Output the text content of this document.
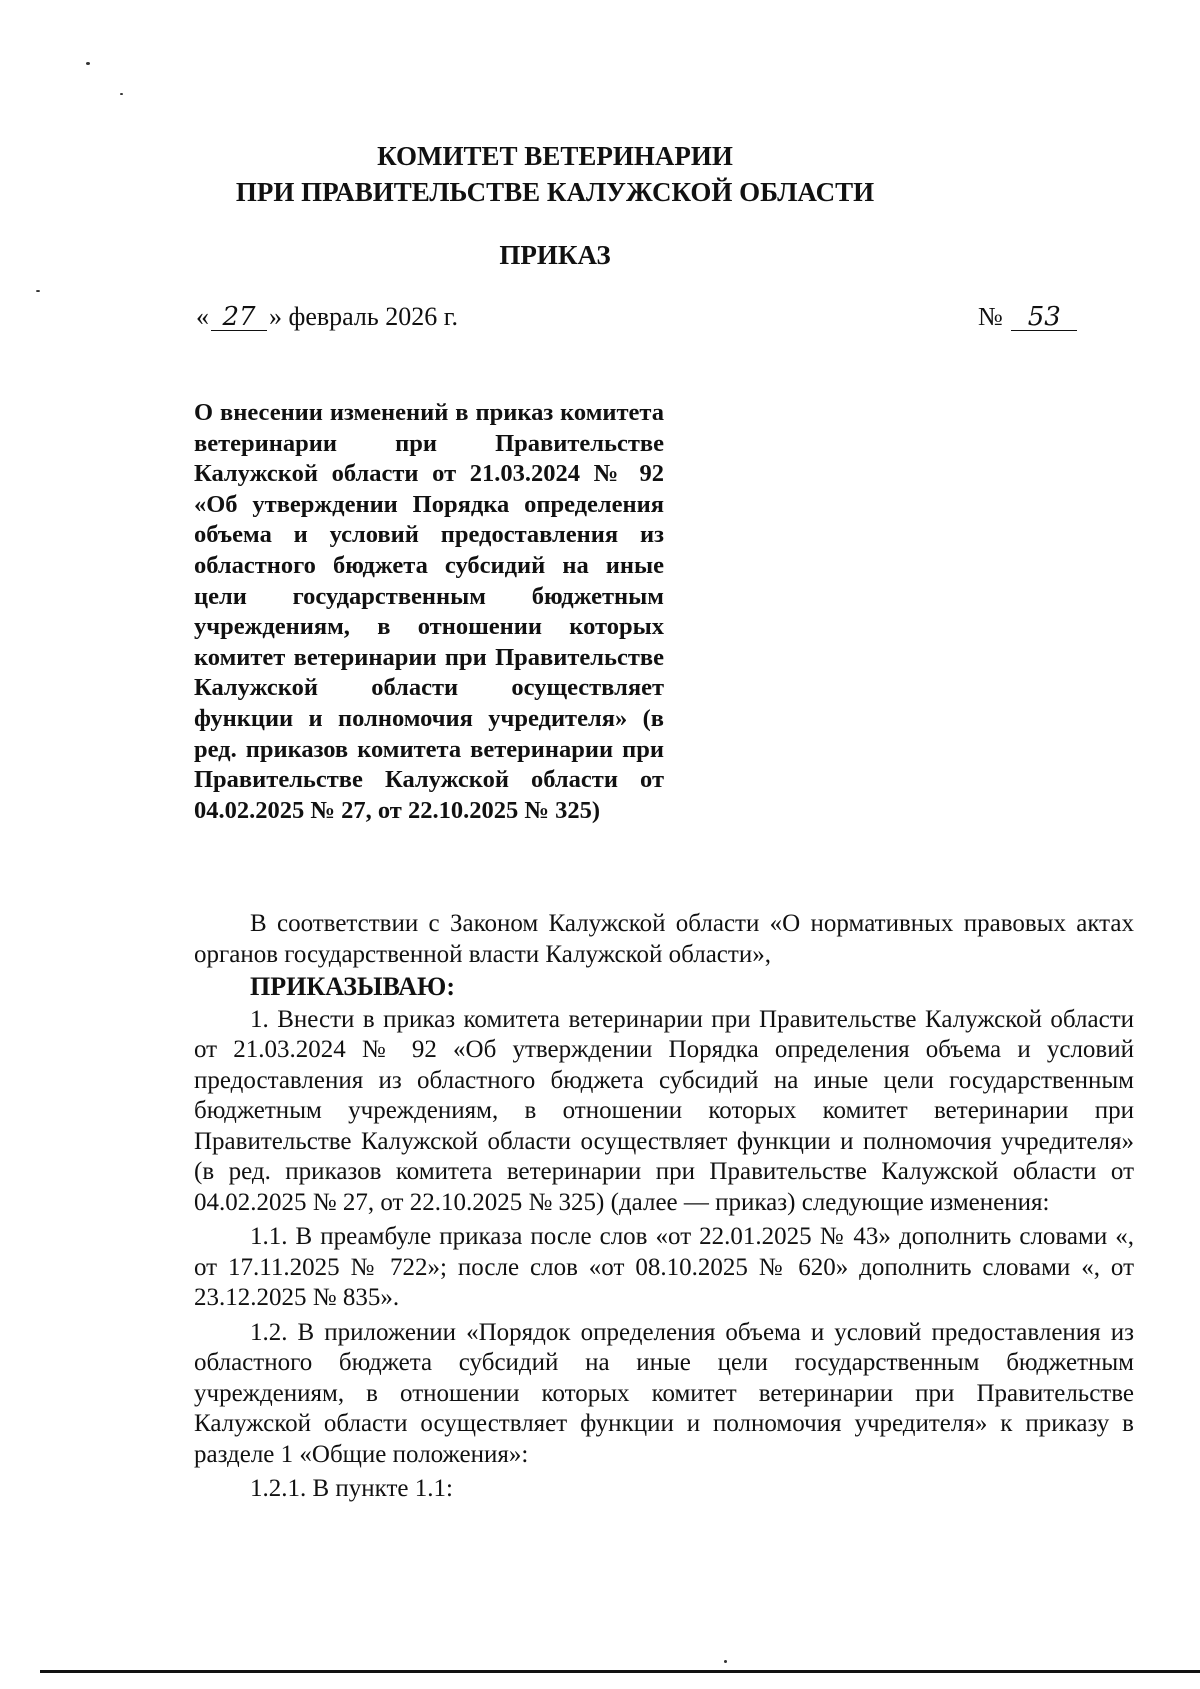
КОМИТЕТ ВЕТЕРИНАРИИ
ПРИ ПРАВИТЕЛЬСТВЕ КАЛУЖСКОЙ ОБЛАСТИ
ПРИКАЗ
« 27 » февраль 2026 г.	№ 53
О внесении изменений в приказ комитета ветеринарии при Правительстве Калужской области от 21.03.2024 № 92 «Об утверждении Порядка определения объема и условий предоставления из областного бюджета субсидий на иные цели государственным бюджетным учреждениям, в отношении которых комитет ветеринарии при Правительстве Калужской области осуществляет функции и полномочия учредителя» (в ред. приказов комитета ветеринарии при Правительстве Калужской области от 04.02.2025 № 27, от 22.10.2025 № 325)

В соответствии с Законом Калужской области «О нормативных правовых актах органов государственной власти Калужской области»,

ПРИКАЗЫВАЮ:

1. Внести в приказ комитета ветеринарии при Правительстве Калужской области от 21.03.2024 № 92 «Об утверждении Порядка определения объема и условий предоставления из областного бюджета субсидий на иные цели государственным бюджетным учреждениям, в отношении которых комитет ветеринарии при Правительстве Калужской области осуществляет функции и полномочия учредителя» (в ред. приказов комитета ветеринарии при Правительстве Калужской области от 04.02.2025 № 27, от 22.10.2025 № 325) (далее — приказ) следующие изменения:

1.1. В преамбуле приказа после слов «от 22.01.2025 № 43» дополнить словами «, от 17.11.2025 № 722»; после слов «от 08.10.2025 № 620» дополнить словами «, от 23.12.2025 № 835».

1.2. В приложении «Порядок определения объема и условий предоставления из областного бюджета субсидий на иные цели государственным бюджетным учреждениям, в отношении которых комитет ветеринарии при Правительстве Калужской области осуществляет функции и полномочия учредителя» к приказу в разделе 1 «Общие положения»:

1.2.1. В пункте 1.1:
